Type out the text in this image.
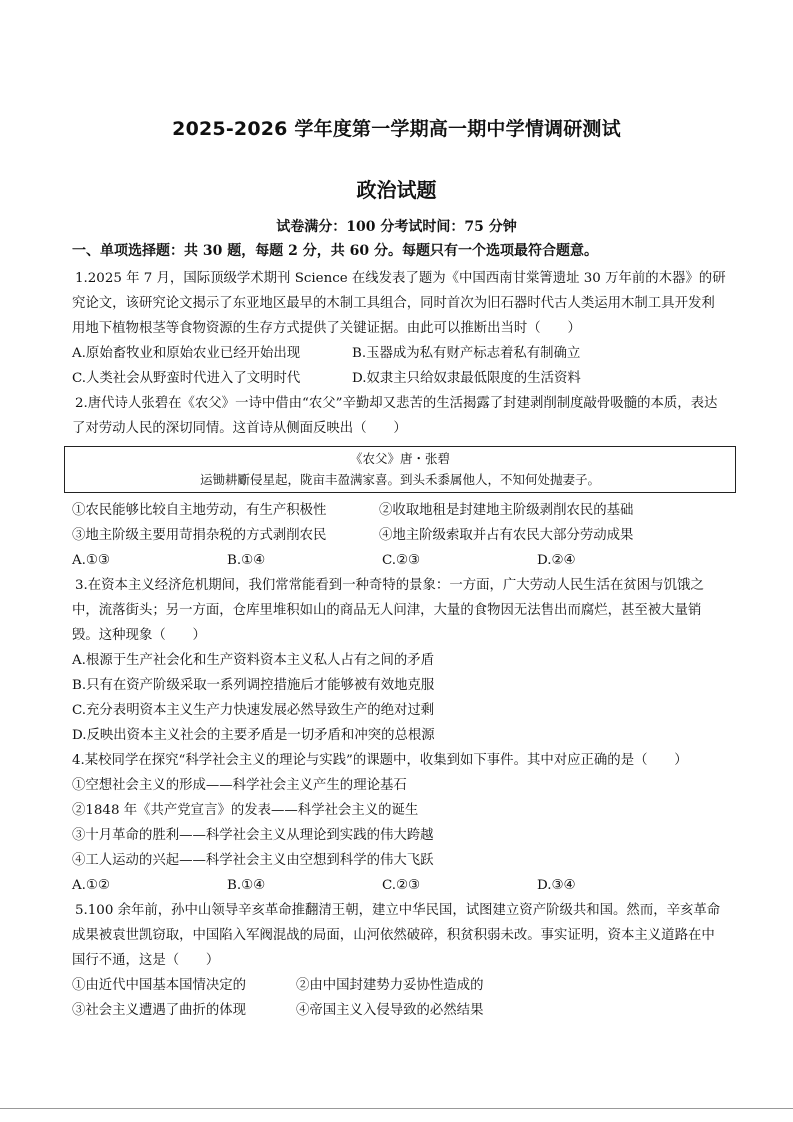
2025-2026 学年度第一学期高一期中学情调研测试
政治试题
试卷满分：100 分考试时间：75 分钟
一、单项选择题：共 30 题，每题 2 分，共 60 分。每题只有一个选项最符合题意。

1.2025 年 7 月，国际顶级学术期刊 Science 在线发表了题为《中国西南甘棠箐遗址 30 万年前的木器》的研究论文，该研究论文揭示了东亚地区最早的木制工具组合，同时首次为旧石器时代古人类运用木制工具开发利用地下植物根茎等食物资源的生存方式提供了关键证据。由此可以推断出当时（　　）

A.原始畜牧业和原始农业已经开始出现	B.玉器成为私有财产标志着私有制确立
C.人类社会从野蛮时代进入了文明时代	D.奴隶主只给奴隶最低限度的生活资料

2.唐代诗人张碧在《农父》一诗中借由“农父”辛勤却又悲苦的生活揭露了封建剥削制度敲骨吸髓的本质，表达了对劳动人民的深切同情。这首诗从侧面反映出（　　）

《农父》唐・张碧
运锄耕斸侵星起，陇亩丰盈满家喜。到头禾黍属他人，不知何处抛妻子。
①农民能够比较自主地劳动，有生产积极性	②收取地租是封建地主阶级剥削农民的基础
③地主阶级主要用苛捐杂税的方式剥削农民	④地主阶级索取并占有农民大部分劳动成果
A.①③	B.①④	C.②③	D.②④

3.在资本主义经济危机期间，我们常常能看到一种奇特的景象：一方面，广大劳动人民生活在贫困与饥饿之中，流落街头；另一方面，仓库里堆积如山的商品无人问津，大量的食物因无法售出而腐烂，甚至被大量销毁。这种现象（　　）

A.根源于生产社会化和生产资料资本主义私人占有之间的矛盾
B.只有在资产阶级采取一系列调控措施后才能够被有效地克服
C.充分表明资本主义生产力快速发展必然导致生产的绝对过剩
D.反映出资本主义社会的主要矛盾是一切矛盾和冲突的总根源

4.某校同学在探究“科学社会主义的理论与实践”的课题中，收集到如下事件。其中对应正确的是（　　）

①空想社会主义的形成——科学社会主义产生的理论基石
②1848 年《共产党宣言》的发表——科学社会主义的诞生
③十月革命的胜利——科学社会主义从理论到实践的伟大跨越
④工人运动的兴起——科学社会主义由空想到科学的伟大飞跃
A.①②	B.①④	C.②③	D.③④

5.100 余年前，孙中山领导辛亥革命推翻清王朝，建立中华民国，试图建立资产阶级共和国。然而，辛亥革命成果被袁世凯窃取，中国陷入军阀混战的局面，山河依然破碎，积贫积弱未改。事实证明，资本主义道路在中国行不通，这是（　　）

①由近代中国基本国情决定的	②由中国封建势力妥协性造成的
③社会主义遭遇了曲折的体现	④帝国主义入侵导致的必然结果
